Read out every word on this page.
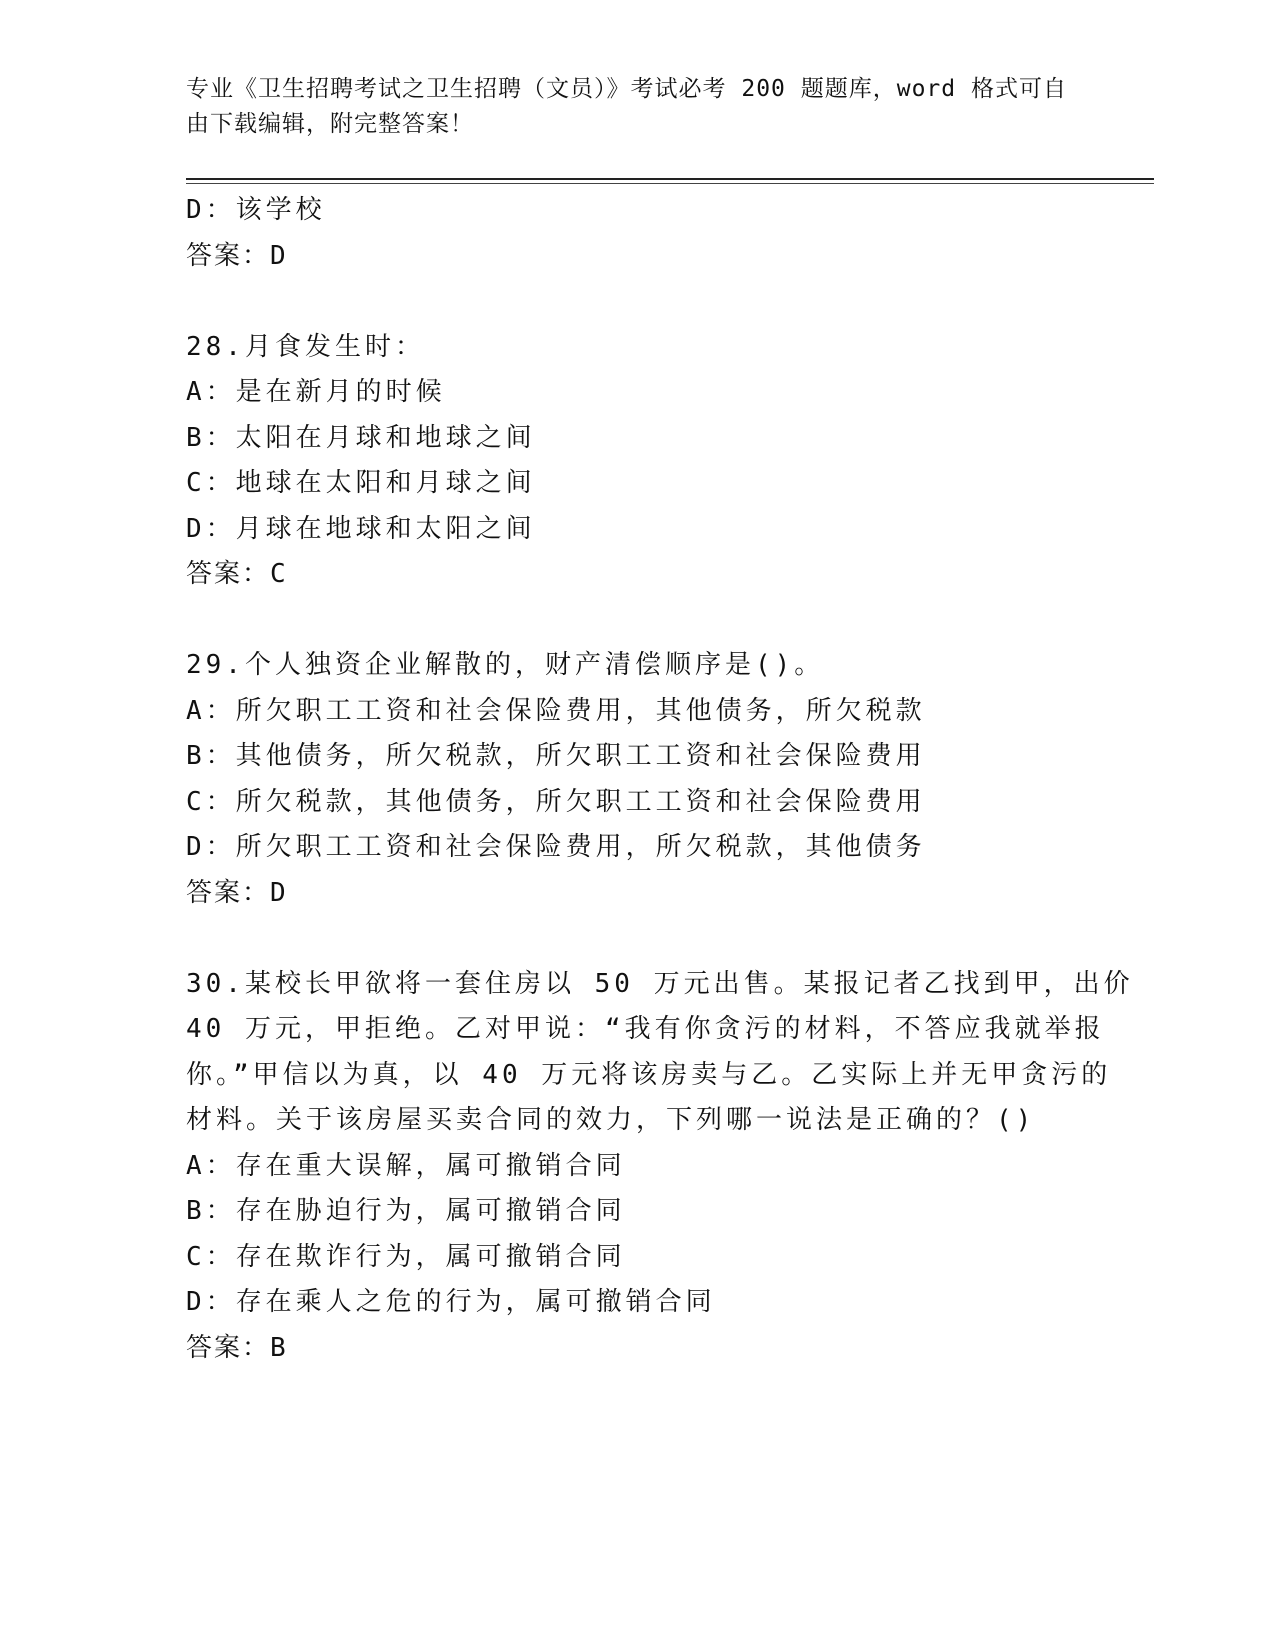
专业《卫生招聘考试之卫生招聘（文员）》考试必考 200 题题库，word 格式可自
由下载编辑，附完整答案！
D：该学校
答案：D
28.月食发生时：
A：是在新月的时候
B：太阳在月球和地球之间
C：地球在太阳和月球之间
D：月球在地球和太阳之间
答案：C
29.个人独资企业解散的，财产清偿顺序是()。
A：所欠职工工资和社会保险费用，其他债务，所欠税款
B：其他债务，所欠税款，所欠职工工资和社会保险费用
C：所欠税款，其他债务，所欠职工工资和社会保险费用
D：所欠职工工资和社会保险费用，所欠税款，其他债务
答案：D
30.某校长甲欲将一套住房以 50 万元出售。某报记者乙找到甲，出价
40 万元，甲拒绝。乙对甲说：“我有你贪污的材料，不答应我就举报
你。”甲信以为真，以 40 万元将该房卖与乙。乙实际上并无甲贪污的
材料。关于该房屋买卖合同的效力，下列哪一说法是正确的？()
A：存在重大误解，属可撤销合同
B：存在胁迫行为，属可撤销合同
C：存在欺诈行为，属可撤销合同
D：存在乘人之危的行为，属可撤销合同
答案：B
